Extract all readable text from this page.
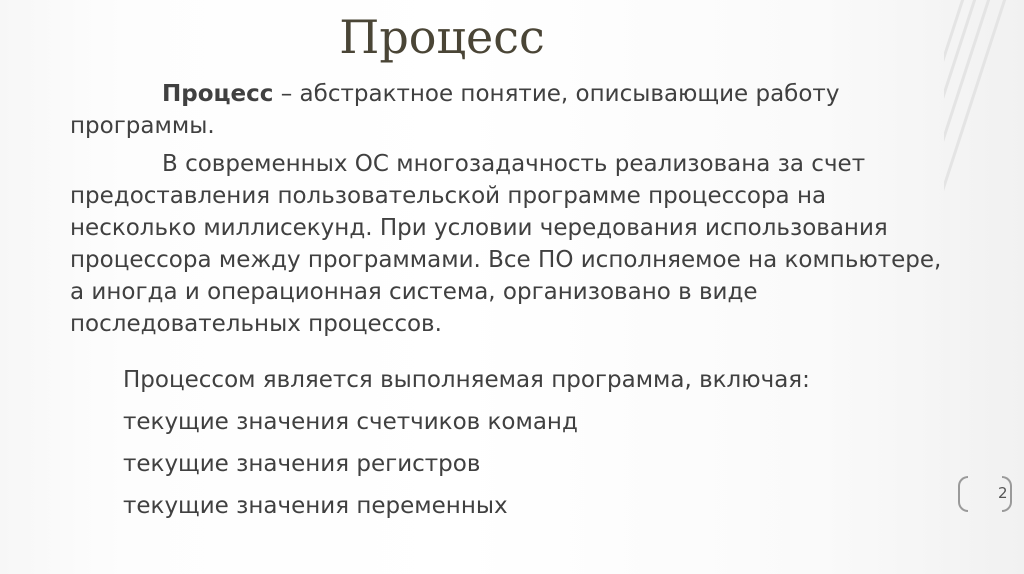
Процесс

Процесс – абстрактное понятие, описывающие работу программы.

В современных ОС многозадачность реализована за счет предоставления пользовательской программе процессора на несколько миллисекунд. При условии чередования использования процессора между программами. Все ПО исполняемое на компьютере, а иногда и операционная система, организовано в виде последовательных процессов.

Процессом является выполняемая программа, включая:
текущие значения счетчиков команд
текущие значения регистров
текущие значения переменных	2
